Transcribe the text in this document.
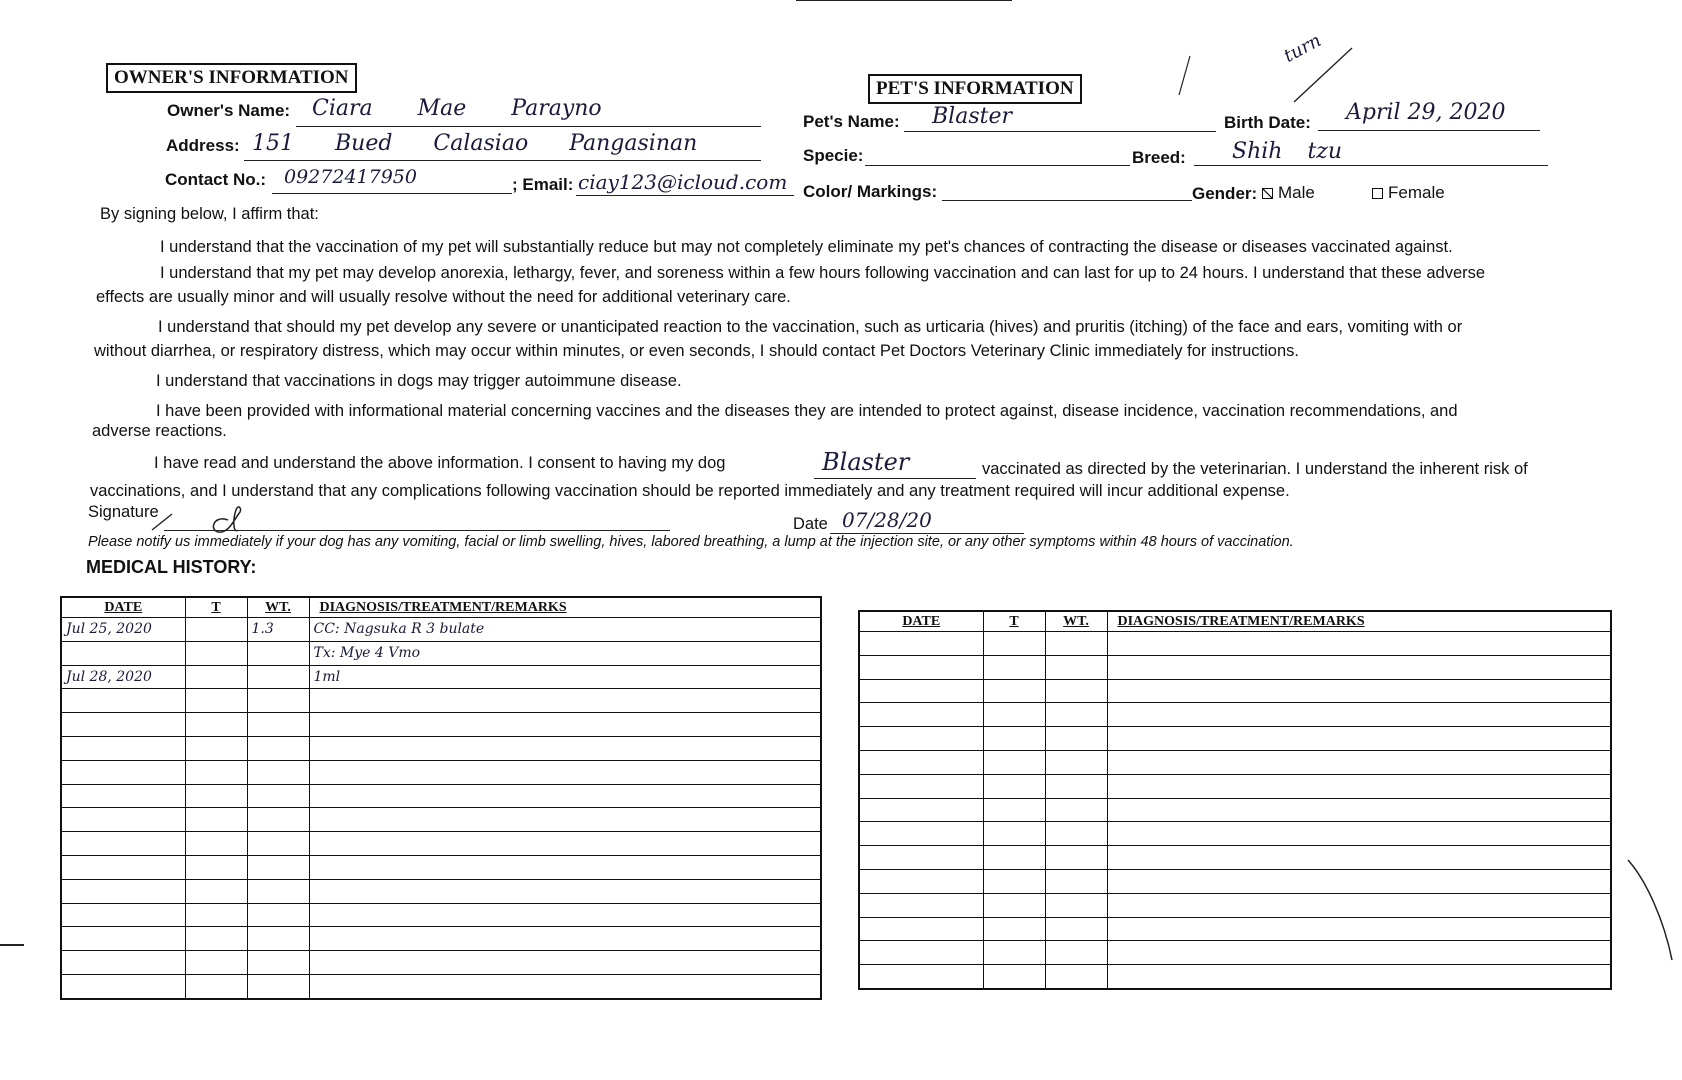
OWNER'S INFORMATION
Owner's Name: Ciara Mae Parayno
Address: 151 Bued Calasiao Pangasinan
Contact No.: 09272417950	; Email: ciay123@icloud.com
PET'S INFORMATION
turn
Pet's Name: Blaster	Birth Date: April 29, 2020
Specie:	Breed: Shih tzu
Color/ Markings:	Gender:	Male	Female
By signing below, I affirm that:
I understand that the vaccination of my pet will substantially reduce but may not completely eliminate my pet's chances of contracting the disease or diseases vaccinated against.
I understand that my pet may develop anorexia, lethargy, fever, and soreness within a few hours following vaccination and can last for up to 24 hours. I understand that these adverse
effects are usually minor and will usually resolve without the need for additional veterinary care.
I understand that should my pet develop any severe or unanticipated reaction to the vaccination, such as urticaria (hives) and pruritis (itching) of the face and ears, vomiting with or
without diarrhea, or respiratory distress, which may occur within minutes, or even seconds, I should contact Pet Doctors Veterinary Clinic immediately for instructions.
I understand that vaccinations in dogs may trigger autoimmune disease.
I have been provided with informational material concerning vaccines and the diseases they are intended to protect against, disease incidence, vaccination recommendations, and
adverse reactions.
I have read and understand the above information. I consent to having my dog	Blaster	vaccinated as directed by the veterinarian. I understand the inherent risk of
vaccinations, and I understand that any complications following vaccination should be reported immediately and any treatment required will incur additional expense.
Signature
Date 07/28/20
Please notify us immediately if your dog has any vomiting, facial or limb swelling, hives, labored breathing, a lump at the injection site, or any other symptoms within 48 hours of vaccination.
MEDICAL HISTORY:
DATE	T	WT.	DIAGNOSIS/TREATMENT/REMARKS
Jul 25, 2020		1.3	CC: Nagsuka R 3 bulate
			Tx: Mye 4 Vmo
Jul 28, 2020			1ml

DATE	T	WT.	DIAGNOSIS/TREATMENT/REMARKS
